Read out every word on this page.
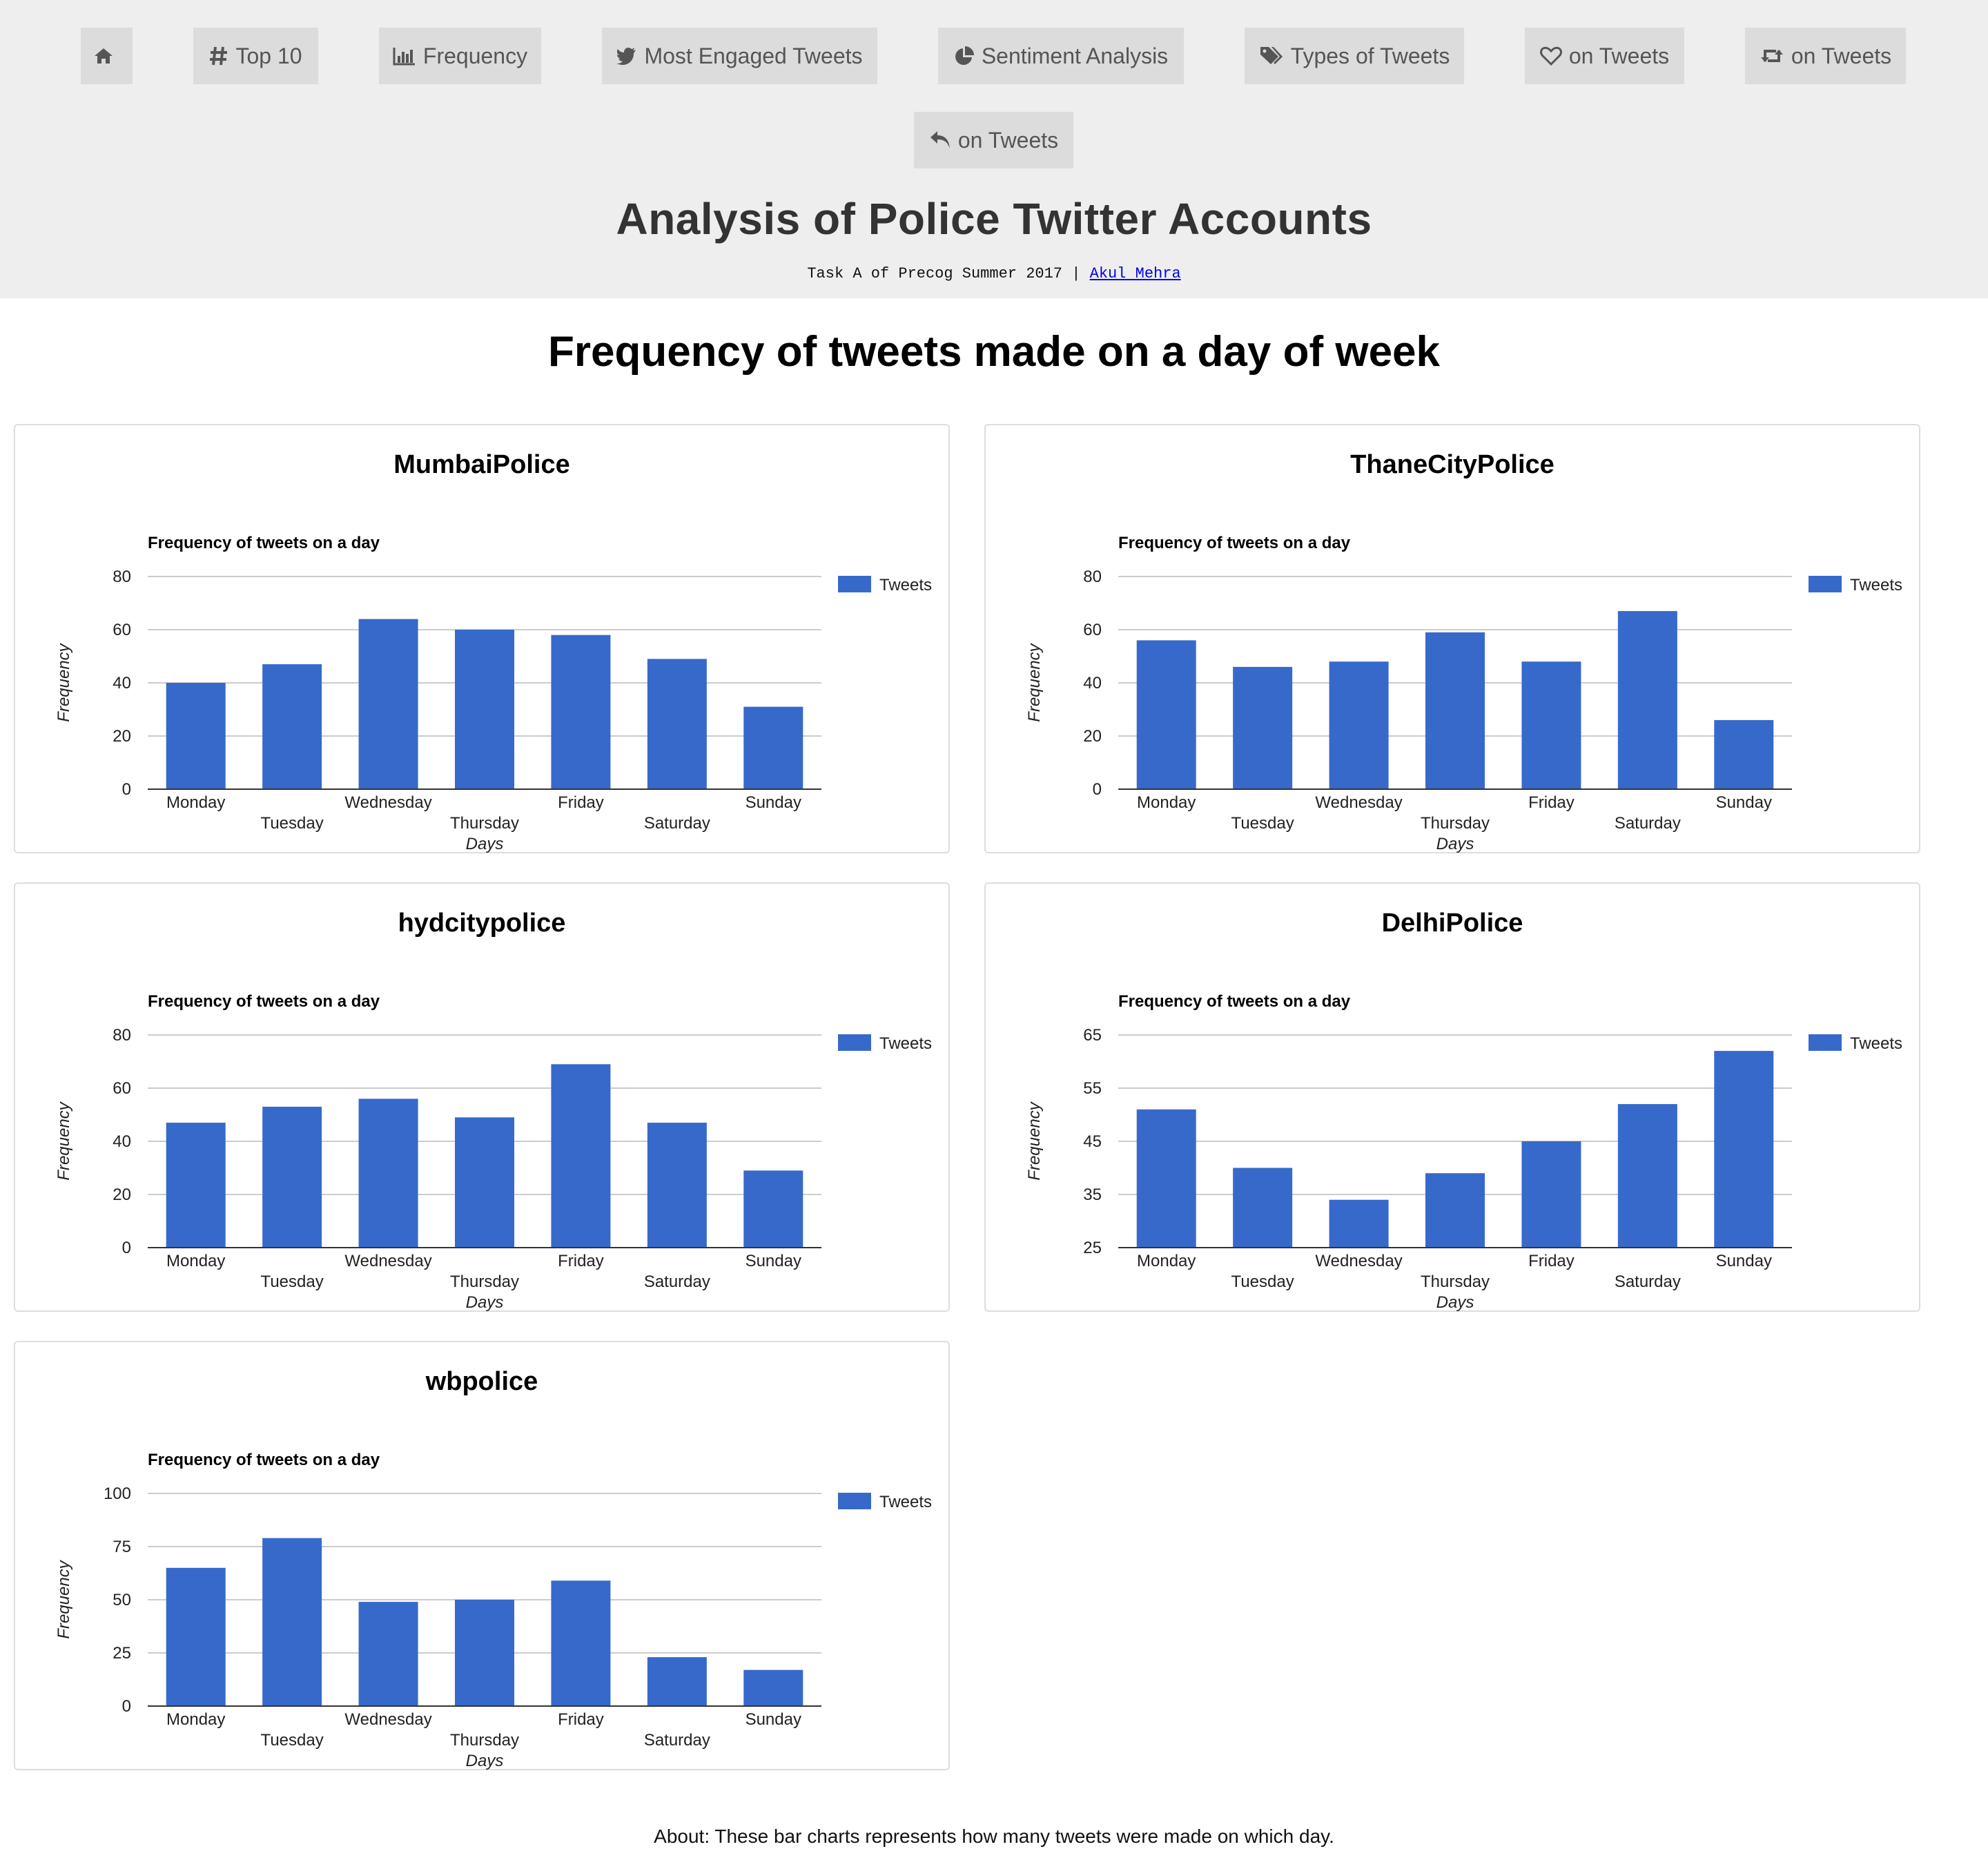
Top 10	Frequency	Most Engaged Tweets	Sentiment Analysis	Types of Tweets	on Tweets	on Tweets
on Tweets
Analysis of Police Twitter Accounts
Task A of Precog Summer 2017 | Akul Mehra
Frequency of tweets made on a day of week
MumbaiPolice
Frequency of tweets on a day
0
20
40
60
80
Monday
Tuesday
Wednesday
Thursday
Friday
Saturday
Sunday
Days
Frequency
Tweets
ThaneCityPolice
Frequency of tweets on a day
0
20
40
60
80
Monday
Tuesday
Wednesday
Thursday
Friday
Saturday
Sunday
Days
Frequency
Tweets
hydcitypolice
Frequency of tweets on a day
0
20
40
60
80
Monday
Tuesday
Wednesday
Thursday
Friday
Saturday
Sunday
Days
Frequency
Tweets
DelhiPolice
Frequency of tweets on a day
25
35
45
55
65
Monday
Tuesday
Wednesday
Thursday
Friday
Saturday
Sunday
Days
Frequency
Tweets
wbpolice
Frequency of tweets on a day
0
25
50
75
100
Monday
Tuesday
Wednesday
Thursday
Friday
Saturday
Sunday
Days
Frequency
Tweets
About: These bar charts represents how many tweets were made on which day.
